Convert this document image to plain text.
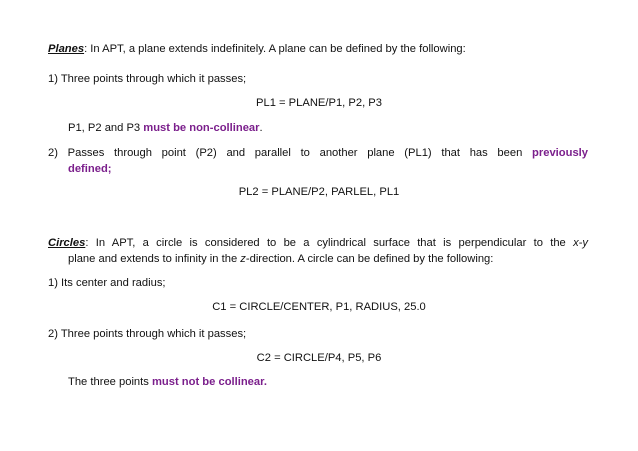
Planes: In APT, a plane extends indefinitely. A plane can be defined by the following:
1) Three points through which it passes;
PL1 = PLANE/P1, P2, P3
P1, P2 and P3 must be non-collinear.
2) Passes through point (P2) and parallel to another plane (PL1) that has been previously
defined;
PL2 = PLANE/P2, PARLEL, PL1
Circles: In APT, a circle is considered to be a cylindrical surface that is perpendicular to the x-y
plane and extends to infinity in the z-direction. A circle can be defined by the following:
1) Its center and radius;
C1 = CIRCLE/CENTER, P1, RADIUS, 25.0
2) Three points through which it passes;
C2 = CIRCLE/P4, P5, P6
The three points must not be collinear.
